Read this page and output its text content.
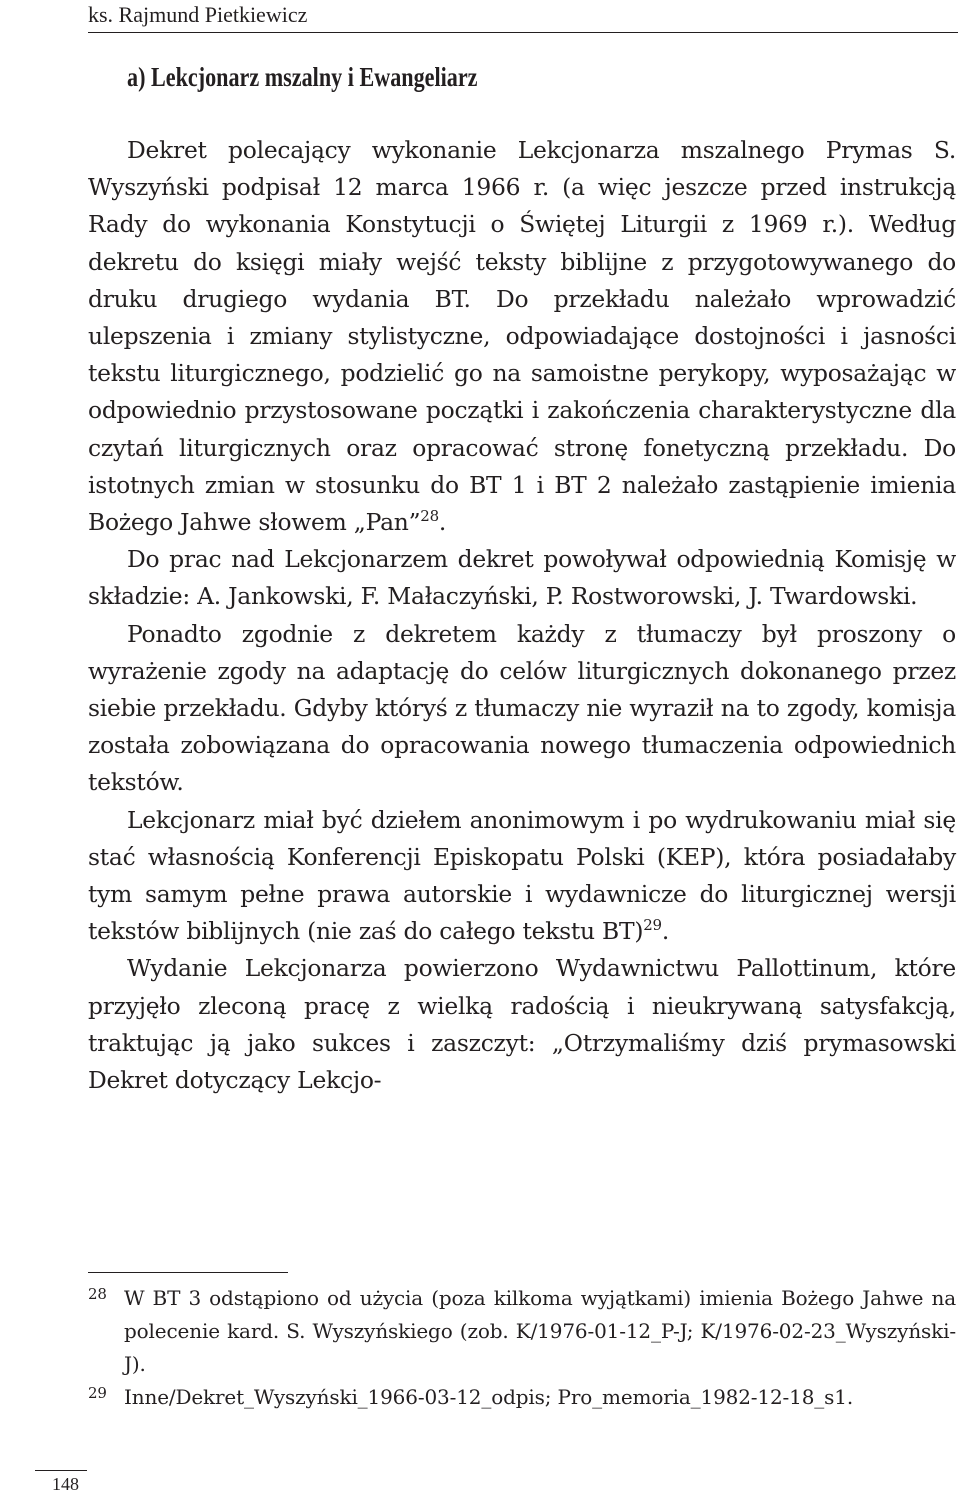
ks. Rajmund Pietkiewicz
a) Lekcjonarz mszalny i Ewangeliarz

Dekret polecający wykonanie Lekcjonarza mszalnego Prymas S. Wyszyński podpisał 12 marca 1966 r. (a więc jeszcze przed instrukcją Rady do wykonania Konstytucji o Świętej Liturgii z 1969 r.). Według dekretu do księgi miały wejść teksty biblijne z przygotowywanego do druku drugiego wydania BT. Do przekładu należało wprowadzić ulepszenia i zmiany stylistyczne, odpowiadające dostojności i jasności tekstu liturgicznego, podzielić go na samoistne perykopy, wyposażając w odpowiednio przystosowane początki i zakończenia charakterystyczne dla czytań liturgicznych oraz opracować stronę fonetyczną przekładu. Do istotnych zmian w stosunku do BT 1 i BT 2 należało zastąpienie imienia Bożego Jahwe słowem „Pan”$^{28}$.

Do prac nad Lekcjonarzem dekret powoływał odpowiednią Komisję w składzie: A. Jankowski, F. Małaczyński, P. Rostworowski, J. Twardowski.

Ponadto zgodnie z dekretem każdy z tłumaczy był proszony o wyrażenie zgody na adaptację do celów liturgicznych dokonanego przez siebie przekładu. Gdyby któryś z tłumaczy nie wyraził na to zgody, komisja została zobowiązana do opracowania nowego tłumaczenia odpowiednich tekstów.

Lekcjonarz miał być dziełem anonimowym i po wydrukowaniu miał się stać własnością Konferencji Episkopatu Polski (KEP), która posiadałaby tym samym pełne prawa autorskie i wydawnicze do liturgicznej wersji tekstów biblijnych (nie zaś do całego tekstu BT)$^{29}$.

Wydanie Lekcjonarza powierzono Wydawnictwu Pallottinum, które przyjęło zleconą pracę z wielką radością i nieukrywaną satysfakcją, traktując ją jako sukces i zaszczyt: „Otrzymaliśmy dziś prymasowski Dekret dotyczący Lekcjo-

28 W BT 3 odstąpiono od użycia (poza kilkoma wyjątkami) imienia Bożego Jahwe na polecenie kard. S. Wyszyńskiego (zob. K/1976-01-12_P-J; K/1976-02-23_Wyszyński-J).

29 Inne/Dekret_Wyszyński_1966-03-12_odpis; Pro_memoria_1982-12-18_s1.

148
